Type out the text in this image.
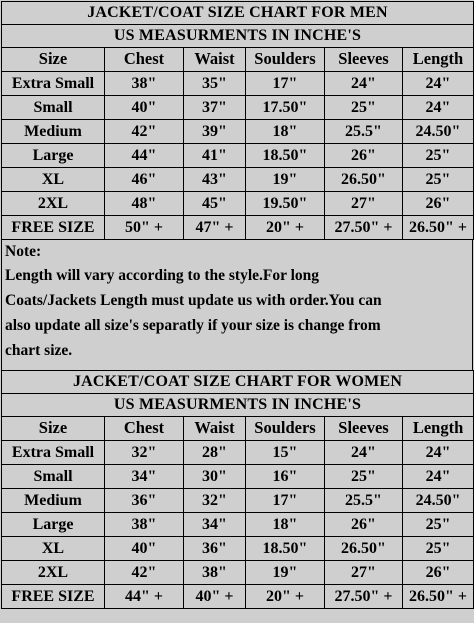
JACKET/COAT SIZE CHART FOR MEN					
US MEASURMENTS IN INCHE'S					
Size	Chest	Waist	Soulders	Sleeves	Length
Extra Small	38"	35"	17"	24"	24"
Small	40"	37"	17.50"	25"	24"
Medium	42"	39"	18"	25.5"	24.50"
Large	44"	41"	18.50"	26"	25"
XL	46"	43"	19"	26.50"	25"
2XL	48"	45"	19.50"	27"	26"
FREE SIZE	50" +	47" +	20" +	27.50" +	26.50" +
Note:
Length will vary according to the style.For long
Coats/Jackets Length must update us with order.You can
also update all size's separatly if your size is change from
chart size.
JACKET/COAT SIZE CHART FOR WOMEN					
US MEASURMENTS IN INCHE'S					
Size	Chest	Waist	Soulders	Sleeves	Length
Extra Small	32"	28"	15"	24"	24"
Small	34"	30"	16"	25"	24"
Medium	36"	32"	17"	25.5"	24.50"
Large	38"	34"	18"	26"	25"
XL	40"	36"	18.50"	26.50"	25"
2XL	42"	38"	19"	27"	26"
FREE SIZE	44" +	40" +	20" +	27.50" +	26.50" +
